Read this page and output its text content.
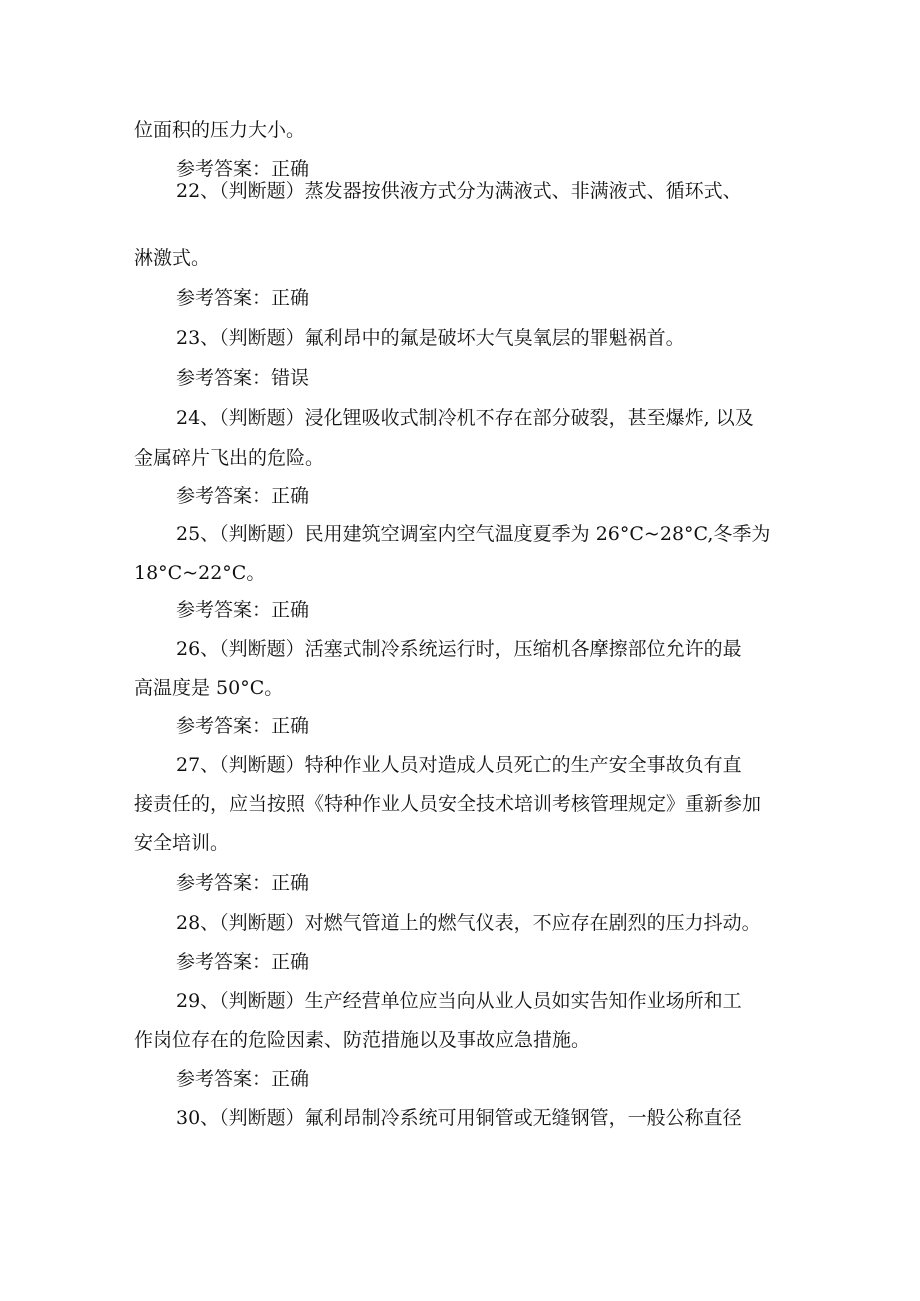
位面积的压力大小。
参考答案：正确
22、（判断题）蒸发器按供液方式分为满液式、非满液式、循环式、
淋激式。
参考答案：正确
23、（判断题）氟利昂中的氟是破坏大气臭氧层的罪魁祸首。
参考答案：错误
24、（判断题）浸化锂吸收式制冷机不存在部分破裂，甚至爆炸, 以及
金属碎片飞出的危险。
参考答案：正确
25、（判断题）民用建筑空调室内空气温度夏季为 26°C~28°C,冬季为
18°C~22°C。
参考答案：正确
26、（判断题）活塞式制冷系统运行时，压缩机各摩擦部位允许的最
高温度是 50°C。
参考答案：正确
27、（判断题）特种作业人员对造成人员死亡的生产安全事故负有直
接责任的，应当按照《特种作业人员安全技术培训考核管理规定》重新参加
安全培训。
参考答案：正确
28、（判断题）对燃气管道上的燃气仪表，不应存在剧烈的压力抖动。
参考答案：正确
29、（判断题）生产经营单位应当向从业人员如实告知作业场所和工
作岗位存在的危险因素、防范措施以及事故应急措施。
参考答案：正确
30、（判断题）氟利昂制冷系统可用铜管或无缝钢管，一般公称直径
